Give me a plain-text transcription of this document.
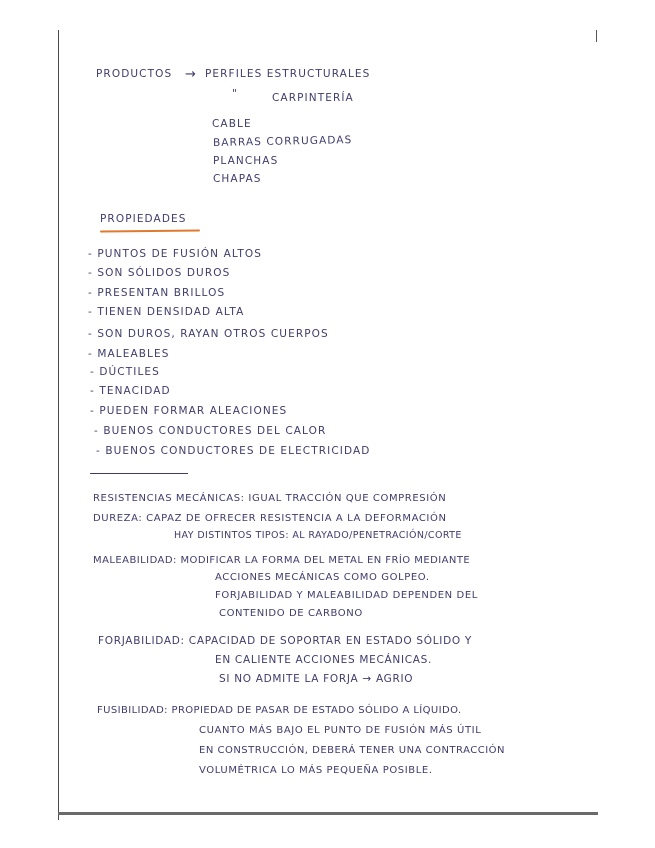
PRODUCTOS → PERFILES ESTRUCTURALES
"	CARPINTERÍA
CABLE
BARRAS CORRUGADAS
PLANCHAS
CHAPAS
PROPIEDADES
- PUNTOS DE FUSIÓN ALTOS
- SON SÓLIDOS DUROS
- PRESENTAN BRILLOS
- TIENEN DENSIDAD ALTA
- SON DUROS, RAYAN OTROS CUERPOS
- MALEABLES
- DÚCTILES
- TENACIDAD
- PUEDEN FORMAR ALEACIONES
- BUENOS CONDUCTORES DEL CALOR
- BUENOS CONDUCTORES DE ELECTRICIDAD
RESISTENCIAS MECÁNICAS: IGUAL TRACCIÓN QUE COMPRESIÓN
DUREZA: CAPAZ DE OFRECER RESISTENCIA A LA DEFORMACIÓN
HAY DISTINTOS TIPOS: AL RAYADO/PENETRACIÓN/CORTE
MALEABILIDAD: MODIFICAR LA FORMA DEL METAL EN FRÍO MEDIANTE
ACCIONES MECÁNICAS COMO GOLPEO.
FORJABILIDAD Y MALEABILIDAD DEPENDEN DEL
CONTENIDO DE CARBONO
FORJABILIDAD: CAPACIDAD DE SOPORTAR EN ESTADO SÓLIDO Y
EN CALIENTE ACCIONES MECÁNICAS.
SI NO ADMITE LA FORJA → AGRIO
FUSIBILIDAD: PROPIEDAD DE PASAR DE ESTADO SÓLIDO A LÍQUIDO.
CUANTO MÁS BAJO EL PUNTO DE FUSIÓN MÁS ÚTIL
EN CONSTRUCCIÓN, DEBERÁ TENER UNA CONTRACCIÓN
VOLUMÉTRICA LO MÁS PEQUEÑA POSIBLE.
